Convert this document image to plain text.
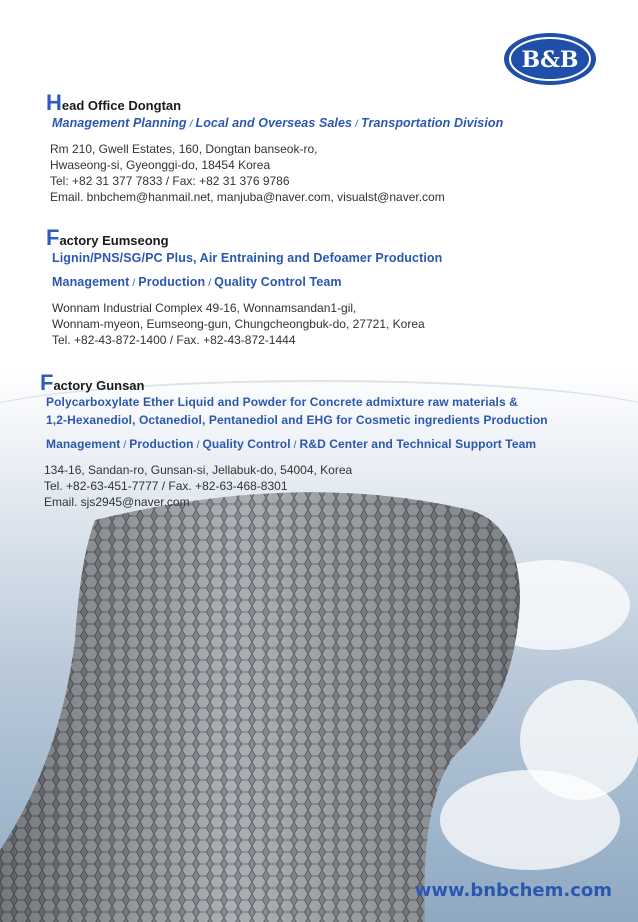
B&B
Head Office Dongtan
Management Planning / Local and Overseas Sales / Transportation Division
Rm 210, Gwell Estates, 160, Dongtan banseok-ro,
Hwaseong-si, Gyeonggi-do, 18454 Korea
Tel: +82 31 377 7833 / Fax: +82 31 376 9786
Email. bnbchem@hanmail.net, manjuba@naver.com, visualst@naver.com
Factory Eumseong
Lignin/PNS/SG/PC Plus, Air Entraining and Defoamer Production
Management / Production / Quality Control Team
Wonnam Industrial Complex 49-16, Wonnamsandan1-gil,
Wonnam-myeon, Eumseong-gun, Chungcheongbuk-do, 27721, Korea
Tel. +82-43-872-1400 / Fax. +82-43-872-1444
Factory Gunsan
Polycarboxylate Ether Liquid and Powder for Concrete admixture raw materials &
1,2-Hexanediol, Octanediol, Pentanediol and EHG for Cosmetic ingredients Production
Management / Production / Quality Control / R&D Center and Technical Support Team
134-16, Sandan-ro, Gunsan-si, Jellabuk-do, 54004, Korea
Tel. +82-63-451-7777 / Fax. +82-63-468-8301
Email. sjs2945@naver.com
www.bnbchem.com
